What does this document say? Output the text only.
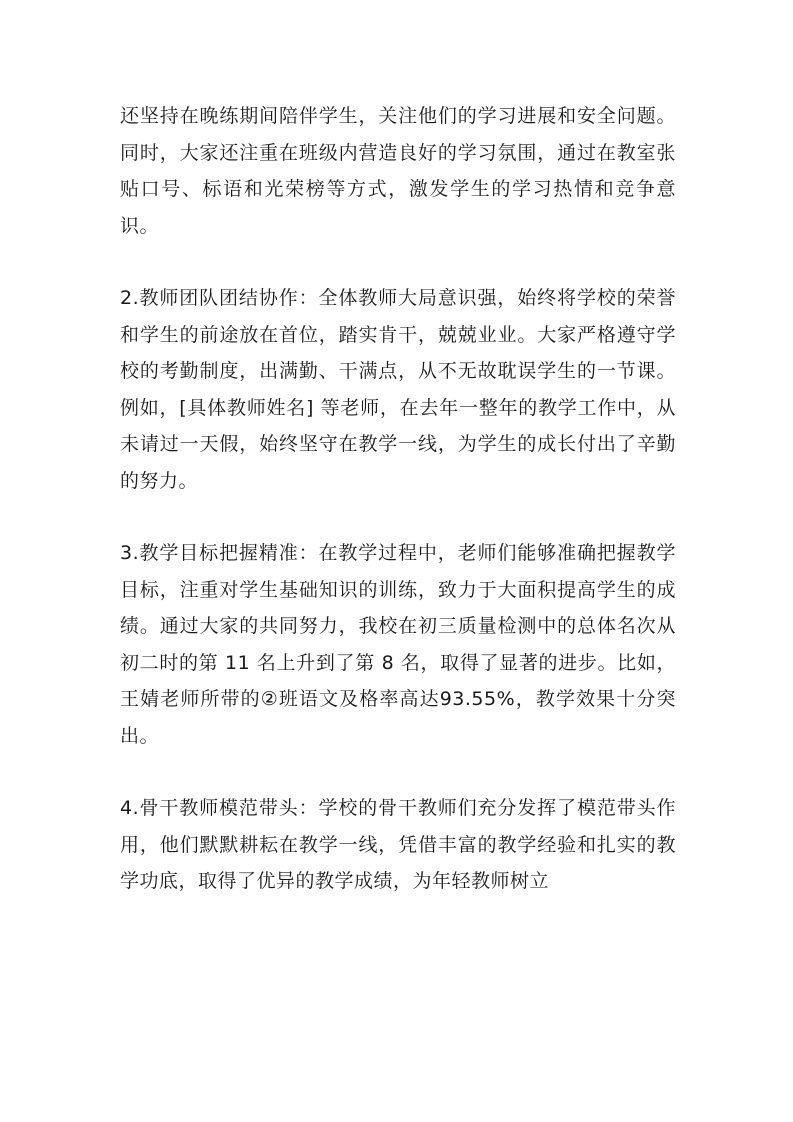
还坚持在晚练期间陪伴学生，关注他们的学习进展和安全问题。同时，大家还注重在班级内营造良好的学习氛围，通过在教室张贴口号、标语和光荣榜等方式，激发学生的学习热情和竞争意识。

2.教师团队团结协作：全体教师大局意识强，始终将学校的荣誉和学生的前途放在首位，踏实肯干，兢兢业业。大家严格遵守学校的考勤制度，出满勤、干满点，从不无故耽误学生的一节课。例如，[具体教师姓名] 等老师，在去年一整年的教学工作中，从未请过一天假，始终坚守在教学一线，为学生的成长付出了辛勤的努力。

3.教学目标把握精准：在教学过程中，老师们能够准确把握教学目标，注重对学生基础知识的训练，致力于大面积提高学生的成绩。通过大家的共同努力，我校在初三质量检测中的总体名次从初二时的第 11 名上升到了第 8 名，取得了显著的进步。比如，王婧老师所带的②班语文及格率高达93.55%，教学效果十分突出。

4.骨干教师模范带头：学校的骨干教师们充分发挥了模范带头作用，他们默默耕耘在教学一线，凭借丰富的教学经验和扎实的教学功底，取得了优异的教学成绩，为年轻教师树立
